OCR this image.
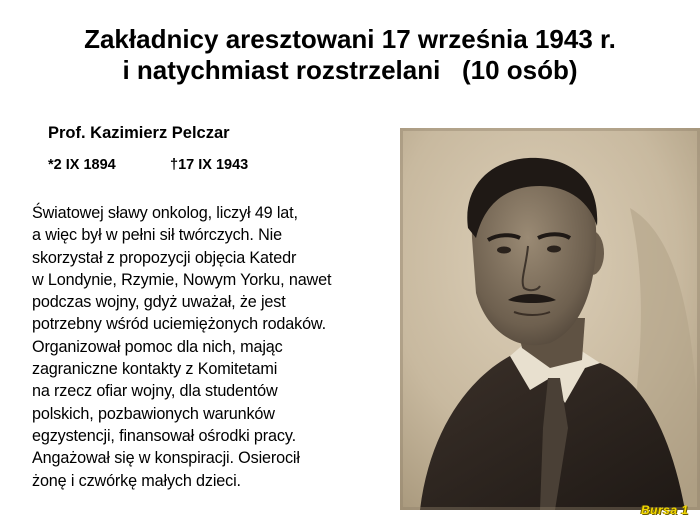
Zakładnicy aresztowani 17 września 1943 r.
i natychmiast rozstrzelani   (10 osób)

Prof. Kazimierz Pelczar

*2 IX 1894	†17 IX 1943

Światowej sławy onkolog, liczył 49 lat,
a więc był w pełni sił twórczych. Nie
skorzystał z propozycji objęcia Katedr
w Londynie, Rzymie, Nowym Yorku, nawet
podczas wojny, gdyż uważał, że jest
potrzebny wśród uciemiężonych rodaków.
Organizował pomoc dla nich, mając
zagraniczne kontakty z Komitetami
na rzecz ofiar wojny, dla studentów
polskich, pozbawionych warunków
egzystencji, finansował ośrodki pracy.
Angażował się w konspiracji. Osierocił
żonę i czwórkę małych dzieci.

Bursa 1
